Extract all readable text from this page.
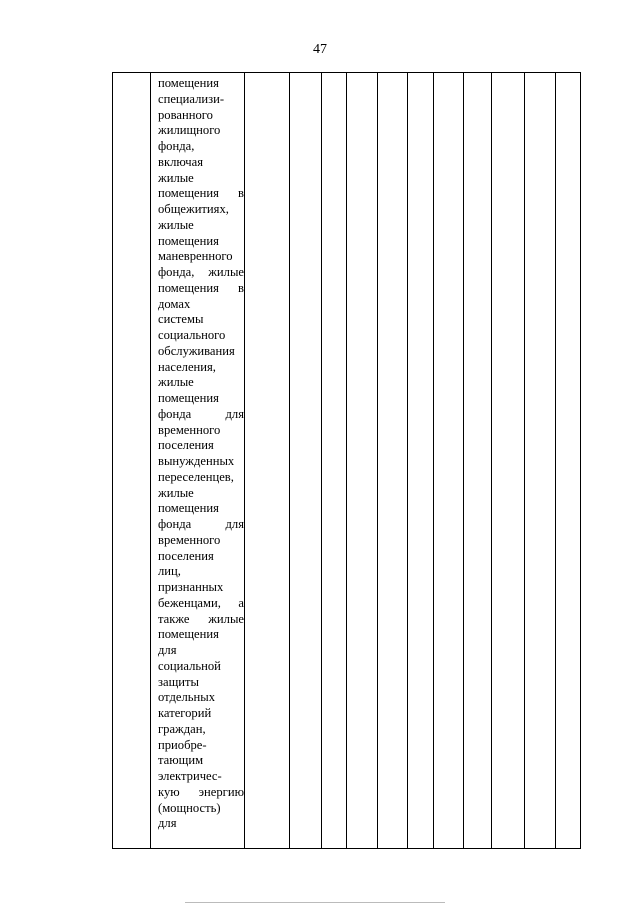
47
помещения
специализи-
рованного
жилищного
фонда,
включая
жилые
помещения в
общежитиях,
жилые
помещения
маневренного
фонда, жилые
помещения в
домах
системы
социального
обслуживания
населения,
жилые
помещения
фонда	для
временного
поселения
вынужденных
переселенцев,
жилые
помещения
фонда	для
временного
поселения
лиц,
признанных
беженцами, а
также жилые
помещения
для
социальной
защиты
отдельных
категорий
граждан,
приобре-
тающим
электричес-
кую энергию
(мощность)
для
